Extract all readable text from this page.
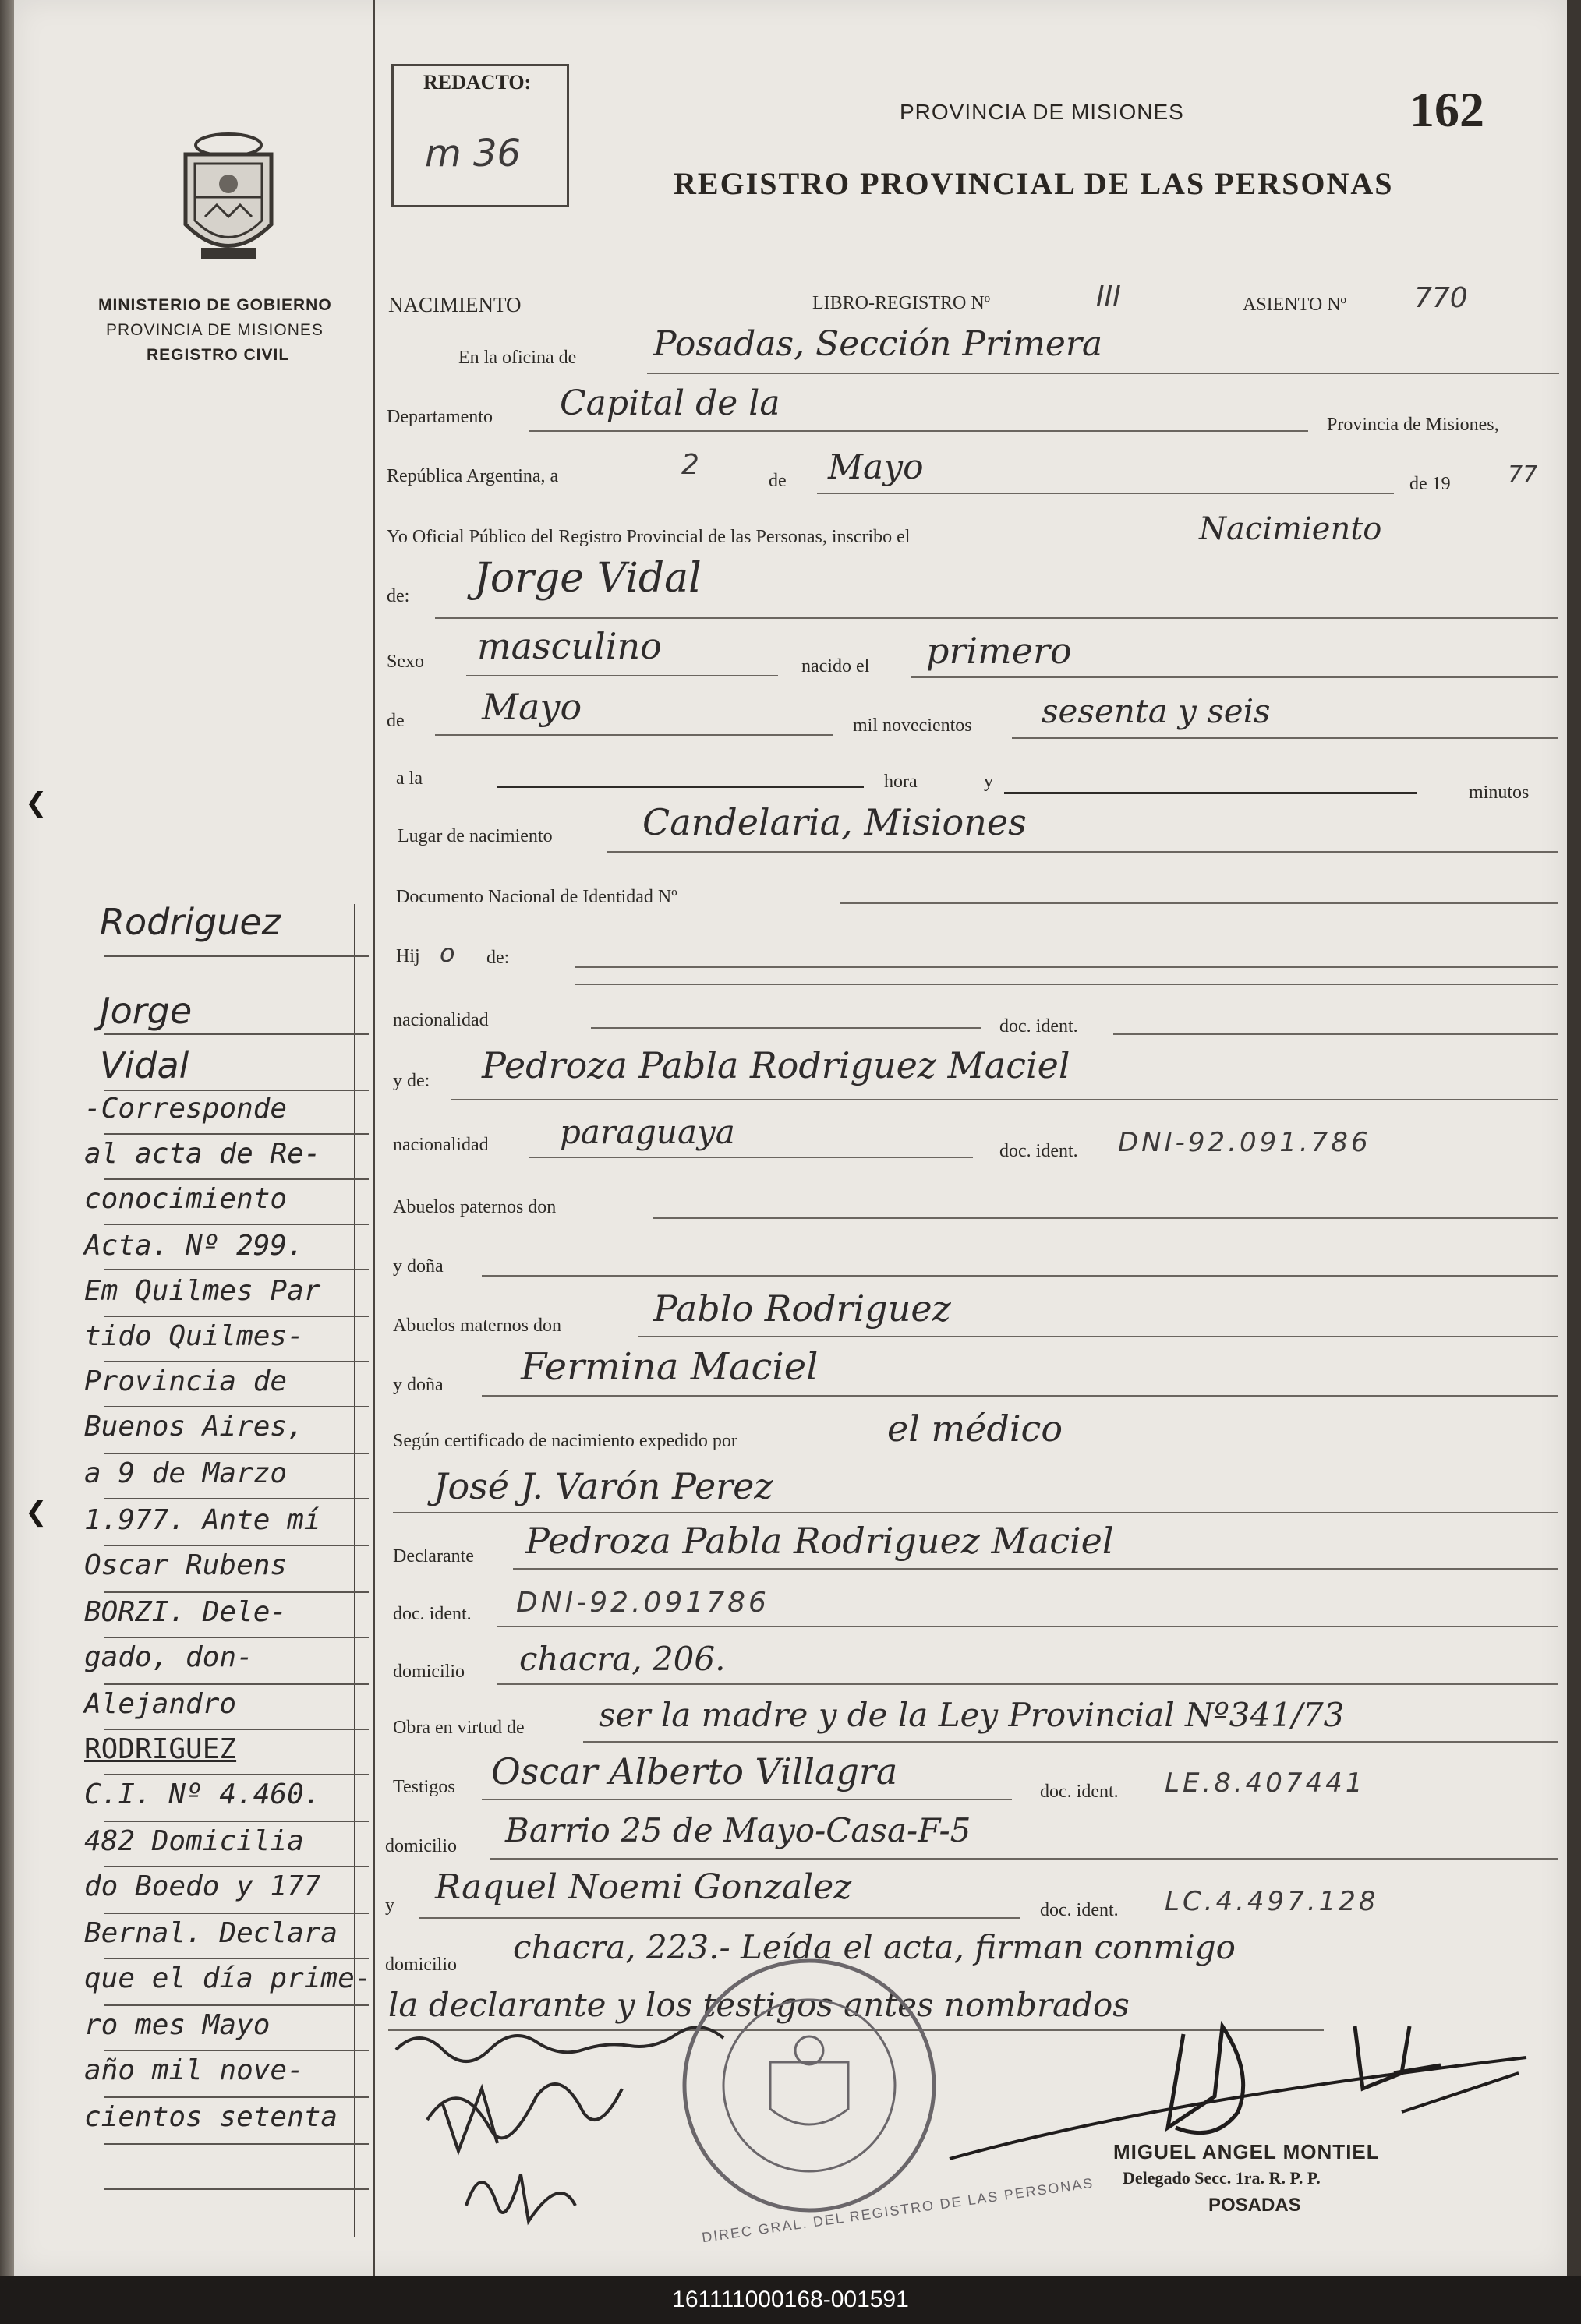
❮
❮
REDACTO:
m 36
MINISTERIO DE GOBIERNO
PROVINCIA DE MISIONES
REGISTRO CIVIL
PROVINCIA DE MISIONES
REGISTRO PROVINCIAL DE LAS PERSONAS
162
NACIMIENTO	LIBRO-REGISTRO Nº	III	ASIENTO Nº 770
En la oficina de Posadas, Sección Primera
Departamento Capital de la
Provincia de Misiones,
República Argentina, a	2	de Mayo	de 19 77
Yo Oficial Público del Registro Provincial de las Personas, inscribo el	Nacimiento
de: Jorge Vidal
Sexo masculino	nacido el primero
de Mayo	mil novecientos sesenta y seis
a la	hora	y
minutos
Lugar de nacimiento	Candelaria, Misiones
Documento Nacional de Identidad Nº
Hij o de:
nacionalidad	doc. ident.
y de: Pedroza Pabla Rodriguez Maciel
nacionalidad paraguaya	doc. ident. DNI-92.091.786
Abuelos paternos don
y doña
Abuelos maternos don	Pablo Rodriguez
y doña Fermina Maciel
Según certificado de nacimiento expedido por	el médico
José J. Varón Perez
Declarante Pedroza Pabla Rodriguez Maciel
doc. ident. DNI-92.091786
domicilio chacra, 206.
Obra en virtud de ser la madre y de la Ley Provincial Nº341/73
Testigos Oscar Alberto Villagra	doc. ident. LE.8.407441
domicilio Barrio 25 de Mayo-Casa-F-5
y Raquel Noemi Gonzalez
doc. ident. LC.4.497.128
domicilio chacra, 223.- Leída el acta, firman conmigo
la declarante y los testigos antes nombrados
DIREC GRAL. DEL REGISTRO DE LAS PERSONAS
MIGUEL ANGEL MONTIEL
Delegado Secc. 1ra. R. P. P.
POSADAS
Rodriguez
Jorge
Vidal
-Corresponde
al acta de Re-
conocimiento
Acta. Nº 299.
Em Quilmes Par
tido Quilmes-
Provincia de
Buenos Aires,
a 9 de Marzo
1.977. Ante mí
Oscar Rubens
BORZI. Dele-
gado, don-
Alejandro
RODRIGUEZ
C.I. Nº 4.460.
482 Domicilia
do Boedo y 177
Bernal. Declara
que el día prime-
ro mes Mayo
año mil nove-
cientos setenta
161111000168-001591
